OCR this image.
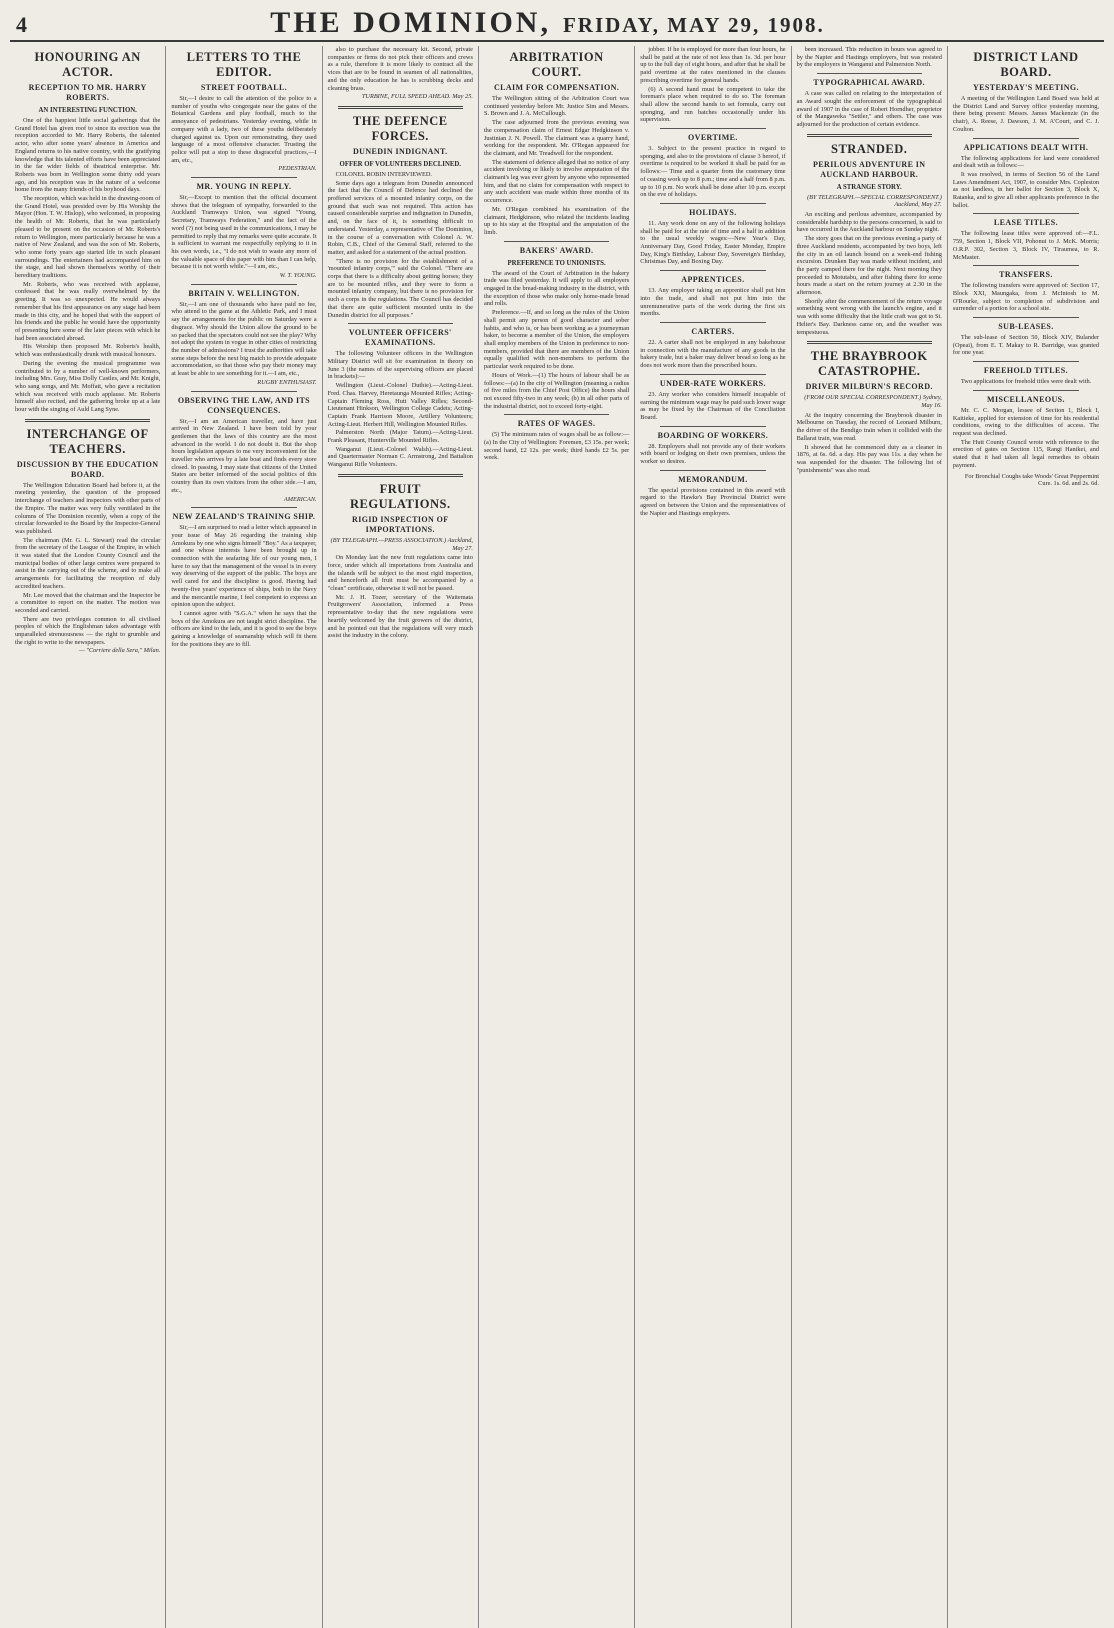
4	THE DOMINION, FRIDAY, MAY 29, 1908.
HONOURING AN ACTOR.
RECEPTION TO MR. HARRY ROBERTS.
AN INTERESTING FUNCTION.

One of the happiest little social gatherings that the Grand Hotel has given roof to since its erection was the reception accorded to Mr. Harry Roberts, the talented actor, who after some years' absence in America and England returns to his native country, with the gratifying knowledge that his talented efforts have been appreciated in the far wider fields of theatrical enterprise. Mr. Roberts was born in Wellington some thirty odd years ago, and his reception was in the nature of a welcome home from the many friends of his boyhood days.

The reception, which was held in the drawing-room of the Grand Hotel, was presided over by His Worship the Mayor (Hon. T. W. Hislop), who welcomed, in proposing the health of Mr. Roberts, that he was particularly pleased to be present on the occasion of Mr. Roberts's return to Wellington, more particularly because he was a native of New Zealand, and was the son of Mr. Roberts, who some forty years ago started life in such pleasant surroundings. The entertainers had accompanied him on the stage, and had shown themselves worthy of their hereditary traditions.

Mr. Roberts, who was received with applause, confessed that he was really overwhelmed by the greeting. It was so unexpected. He would always remember that his first appearance on any stage had been made in this city, and he hoped that with the support of his friends and the public he would have the opportunity of presenting here some of the later pieces with which he had been associated abroad.

His Worship then proposed Mr. Roberts's health, which was enthusiastically drunk with musical honours.

During the evening the musical programme was contributed to by a number of well-known performers, including Mrs. Gray, Miss Dolly Castles, and Mr. Knight, who sang songs, and Mr. Moffatt, who gave a recitation which was received with much applause. Mr. Roberts himself also recited, and the gathering broke up at a late hour with the singing of Auld Lang Syne.

INTERCHANGE OF TEACHERS.
DISCUSSION BY THE EDUCATION BOARD.

The Wellington Education Board had before it, at the meeting yesterday, the question of the proposed interchange of teachers and inspectors with other parts of the Empire. The matter was very fully ventilated in the columns of The Dominion recently, when a copy of the circular forwarded to the Board by the Inspector-General was published.

The chairman (Mr. G. L. Stewart) read the circular from the secretary of the League of the Empire, in which it was stated that the London County Council and the municipal bodies of other large centres were prepared to assist in the carrying out of the scheme, and to make all arrangements for facilitating the reception of duly accredited teachers.

Mr. Lee moved that the chairman and the Inspector be a committee to report on the matter. The motion was seconded and carried.

There are two privileges common to all civilised peoples of which the Englishman takes advantage with unparalleled strenuousness — the right to grumble and the right to write to the newspapers.

— "Corriere della Sera," Milan.
LETTERS TO THE EDITOR.
STREET FOOTBALL.

Sir,—I desire to call the attention of the police to a number of youths who congregate near the gates of the Botanical Gardens and play football, much to the annoyance of pedestrians. Yesterday evening, while in company with a lady, two of these youths deliberately charged against us. Upon our remonstrating, they used language of a most offensive character. Trusting the police will put a stop to these disgraceful practices,—I am, etc.,

PEDESTRIAN.
MR. YOUNG IN REPLY.

Sir,—Except to mention that the official document shows that the telegram of sympathy, forwarded to the Auckland Tramways Union, was signed "Young, Secretary, Tramways Federation," and the fact of the word (?) not being used in the communications, I may be permitted to reply that my remarks were quite accurate. It is sufficient to warrant me respectfully replying to it in his own words, i.e., "I do not wish to waste any more of the valuable space of this paper with him than I can help, because it is not worth while."—I am, etc.,

W. T. YOUNG.
BRITAIN V. WELLINGTON.

Sir,—I am one of thousands who have paid no fee, who attend to the game at the Athletic Park, and I must say the arrangements for the public on Saturday were a disgrace. Why should the Union allow the ground to be so packed that the spectators could not see the play? Why not adopt the system in vogue in other cities of restricting the number of admissions? I trust the authorities will take some steps before the next big match to provide adequate accommodation, so that those who pay their money may at least be able to see something for it.—I am, etc.,

RUGBY ENTHUSIAST.
OBSERVING THE LAW, AND ITS CONSEQUENCES.

Sir,—I am an American traveller, and have just arrived in New Zealand. I have been told by your gentlemen that the laws of this country are the most advanced in the world. I do not doubt it. But the shop hours legislation appears to me very inconvenient for the traveller who arrives by a late boat and finds every store closed. In passing, I may state that citizens of the United States are better informed of the social politics of this country than its own visitors from the other side.—I am, etc.,

AMERICAN.
NEW ZEALAND'S TRAINING SHIP.

Sir,—I am surprised to read a letter which appeared in your issue of May 26 regarding the training ship Amokura by one who signs himself "Boy." As a taxpayer, and one whose interests have been brought up in connection with the seafaring life of our young men, I have to say that the management of the vessel is in every way deserving of the support of the public. The boys are well cared for and the discipline is good. Having had twenty-five years' experience of ships, both in the Navy and the mercantile marine, I feel competent to express an opinion upon the subject.

I cannot agree with "S.G.A." when he says that the boys of the Amokura are not taught strict discipline. The officers are kind to the lads, and it is good to see the boys gaining a knowledge of seamanship which will fit them for the positions they are to fill.

also to purchase the necessary kit. Second, private companies or firms do not pick their officers and crews as a rule, therefore it is more likely to contract all the vices that are to be found in seamen of all nationalities, and the only education he has is scrubbing decks and cleaning brass.

TURBINE, FULL SPEED AHEAD. May 25.
THE DEFENCE FORCES.
DUNEDIN INDIGNANT.
OFFER OF VOLUNTEERS DECLINED.

COLONEL ROBIN INTERVIEWED.

Some days ago a telegram from Dunedin announced the fact that the Council of Defence had declined the proffered services of a mounted infantry corps, on the ground that such was not required. This action has caused considerable surprise and indignation in Dunedin, and, on the face of it, is something difficult to understand. Yesterday, a representative of The Dominion, in the course of a conversation with Colonel A. W. Robin, C.B., Chief of the General Staff, referred to the matter, and asked for a statement of the actual position.

"There is no provision for the establishment of a 'mounted infantry corps,'" said the Colonel. "There are corps that there is a difficulty about getting horses; they are to be mounted rifles, and they were to form a mounted infantry company, but there is no provision for such a corps in the regulations. The Council has decided that there are quite sufficient mounted units in the Dunedin district for all purposes."

VOLUNTEER OFFICERS' EXAMINATIONS.

The following Volunteer officers in the Wellington Military District will sit for examination in theory on June 3 (the names of the supervising officers are placed in brackets):—

Wellington (Lieut.-Colonel Duthie).—Acting-Lieut. Fred. Chas. Harvey, Heretaunga Mounted Rifles; Acting-Captain Fleming Ross, Hutt Valley Rifles; Second-Lieutenant Hinkson, Wellington College Cadets; Acting-Captain Frank Harrison Moore, Artillery Volunteers; Acting-Lieut. Herbert Hill, Wellington Mounted Rifles.

Palmerston North (Major Tatum).—Acting-Lieut. Frank Pleasant, Hunterville Mounted Rifles.

Wanganui (Lieut.-Colonel Walsh).—Acting-Lieut. and Quartermaster Norman C. Armstrong, 2nd Battalion Wanganui Rifle Volunteers.

FRUIT REGULATIONS.
RIGID INSPECTION OF IMPORTATIONS.
(BY TELEGRAPH.—PRESS ASSOCIATION.) Auckland, May 27.

On Monday last the new fruit regulations came into force, under which all importations from Australia and the islands will be subject to the most rigid inspection, and henceforth all fruit must be accompanied by a "clean" certificate, otherwise it will not be passed.

Mr. J. H. Tozer, secretary of the Waitemata Fruitgrowers' Association, informed a Press representative to-day that the new regulations were heartily welcomed by the fruit growers of the district, and he pointed out that the regulations will very much assist the industry in the colony.

ARBITRATION COURT.
CLAIM FOR COMPENSATION.

The Wellington sitting of the Arbitration Court was continued yesterday before Mr. Justice Sim and Messrs. S. Brown and J. A. McCullough.

The case adjourned from the previous evening was the compensation claim of Ernest Edgar Hedgkinson v. Justinian J. N. Powell. The claimant was a quarry hand, working for the respondent. Mr. O'Regan appeared for the claimant, and Mr. Treadwell for the respondent.

The statement of defence alleged that no notice of any accident involving or likely to involve amputation of the claimant's leg was ever given by anyone who represented him, and that no claim for compensation with respect to any such accident was made within three months of its occurrence.

Mr. O'Regan combined his examination of the claimant, Hedgkinson, who related the incidents leading up to his stay at the Hospital and the amputation of the limb.

BAKERS' AWARD.
PREFERENCE TO UNIONISTS.

The award of the Court of Arbitration in the bakery trade was filed yesterday. It will apply to all employers engaged in the bread-making industry in the district, with the exception of those who make only home-made bread and rolls.

Preference.—If, and so long as the rules of the Union shall permit any person of good character and sober habits, and who is, or has been working as a journeyman baker, to become a member of the Union, the employers shall employ members of the Union in preference to non-members, provided that there are members of the Union equally qualified with non-members to perform the particular work required to be done.

Hours of Work.—(1) The hours of labour shall be as follows:—(a) In the city of Wellington (meaning a radius of five miles from the Chief Post Office) the hours shall not exceed fifty-two in any week; (b) in all other parts of the industrial district, not to exceed forty-eight.

RATES OF WAGES.

(5) The minimum rates of wages shall be as follow:—(a) In the City of Wellington: Foremen, £3 15s. per week; second hand, £2 12s. per week; third hands £2 5s. per week.

jobber. If he is employed for more than four hours, he shall be paid at the rate of not less than 1s. 3d. per hour up to the full day of eight hours, and after that he shall be paid overtime at the rates mentioned in the clauses prescribing overtime for general hands.

(6) A second hand must be competent to take the foreman's place when required to do so. The foreman shall allow the second hands to set formula, carry out sponging, and run batches occasionally under his supervision.

OVERTIME.

3. Subject to the present practice in regard to sponging, and also to the provisions of clause 3 hereof, if overtime is required to be worked it shall be paid for as follows:— Time and a quarter from the customary time of ceasing work up to 8 p.m.; time and a half from 8 p.m. up to 10 p.m. No work shall be done after 10 p.m. except on the eve of holidays.

HOLIDAYS.

11. Any work done on any of the following holidays shall be paid for at the rate of time and a half in addition to the usual weekly wages:—New Year's Day, Anniversary Day, Good Friday, Easter Monday, Empire Day, King's Birthday, Labour Day, Sovereign's Birthday, Christmas Day, and Boxing Day.

APPRENTICES.

13. Any employer taking an apprentice shall put him into the trade, and shall not put him into the unremunerative parts of the work during the first six months.

CARTERS.

22. A carter shall not be employed in any bakehouse in connection with the manufacture of any goods in the bakery trade, but a baker may deliver bread so long as he does not work more than the prescribed hours.

UNDER-RATE WORKERS.

23. Any worker who considers himself incapable of earning the minimum wage may be paid such lower wage as may be fixed by the Chairman of the Conciliation Board.

BOARDING OF WORKERS.

28. Employers shall not provide any of their workers with board or lodging on their own premises, unless the worker so desires.

MEMORANDUM.

The special provisions contained in this award with regard to the Hawke's Bay Provincial District were agreed on between the Union and the representatives of the Napier and Hastings employers.

been increased. This reduction in hours was agreed to by the Napier and Hastings employers, but was resisted by the employers in Wanganui and Palmerston North.

TYPOGRAPHICAL AWARD.

A case was called on relating to the interpretation of an Award sought the enforcement of the typographical award of 1907 in the case of Robert Horndher, proprietor of the Mangaweka "Settler," and others. The case was adjourned for the production of certain evidence.

STRANDED.
PERILOUS ADVENTURE IN AUCKLAND HARBOUR.
A STRANGE STORY.
(BY TELEGRAPH.—SPECIAL CORRESPONDENT.) Auckland, May 27.

An exciting and perilous adventure, accompanied by considerable hardship to the persons concerned, is said to have occurred in the Auckland harbour on Sunday night.

The story goes that on the previous evening a party of three Auckland residents, accompanied by two boys, left the city in an oil launch bound on a week-end fishing excursion. Drunken Bay was made without incident, and the party camped there for the night. Next morning they proceeded to Motutabu, and after fishing there for some hours made a start on the return journey at 2.30 in the afternoon.

Shortly after the commencement of the return voyage something went wrong with the launch's engine, and it was with some difficulty that the little craft was got to St. Helier's Bay. Darkness came on, and the weather was tempestuous.

THE BRAYBROOK CATASTROPHE.
DRIVER MILBURN'S RECORD.
(FROM OUR SPECIAL CORRESPONDENT.) Sydney, May 16.

At the inquiry concerning the Braybrook disaster in Melbourne on Tuesday, the record of Leonard Milburn, the driver of the Bendigo train when it collided with the Ballarat train, was read.

It showed that he commenced duty as a cleaner in 1876, at 6s. 6d. a day. His pay was 11s. a day when he was suspended for the disaster. The following list of "punishments" was also read.

DISTRICT LAND BOARD.
YESTERDAY'S MEETING.

A meeting of the Wellington Land Board was held at the District Land and Survey office yesterday morning, there being present: Messrs. James Mackenzie (in the chair), A. Reese, J. Dawson, J. M. A'Court, and C. J. Coulton.

APPLICATIONS DEALT WITH.

The following applications for land were considered and dealt with as follows:—

It was resolved, in terms of Section 56 of the Land Laws Amendment Act, 1907, to consider Mrs. Copleston as not landless, in her ballot for Section 3, Block X, Ratanka, and to give all other applicants preference in the ballot.

LEASE TITLES.

The following lease titles were approved of:—F.L. 759, Section 1, Block VII, Pohonui to J. McK. Morris; O.R.P. 302, Section 3, Block IV, Tiraumea, to R. McMaster.

TRANSFERS.

The following transfers were approved of: Section 17, Block XXI, Maungaka, from J. McIntosh to M. O'Rourke, subject to completion of subdivision and surrender of a portion for a school site.

SUB-LEASES.

The sub-lease of Section 50, Block XIV, Bulander (Opeai), from E. T. Makay to R. Barridge, was granted for one year.

FREEHOLD TITLES.

Two applications for freehold titles were dealt with.

MISCELLANEOUS.

Mr. C. C. Morgan, lessee of Section 1, Block I, Kaitieke, applied for extension of time for his residential conditions, owing to the difficulties of access. The request was declined.

The Hutt County Council wrote with reference to the erection of gates on Section 115, Rangi Hanikei, and stated that it had taken all legal remedies to obtain payment.

For Bronchial Coughs take Woods' Great Peppermint Cure. 1s. 6d. and 2s. 6d.
